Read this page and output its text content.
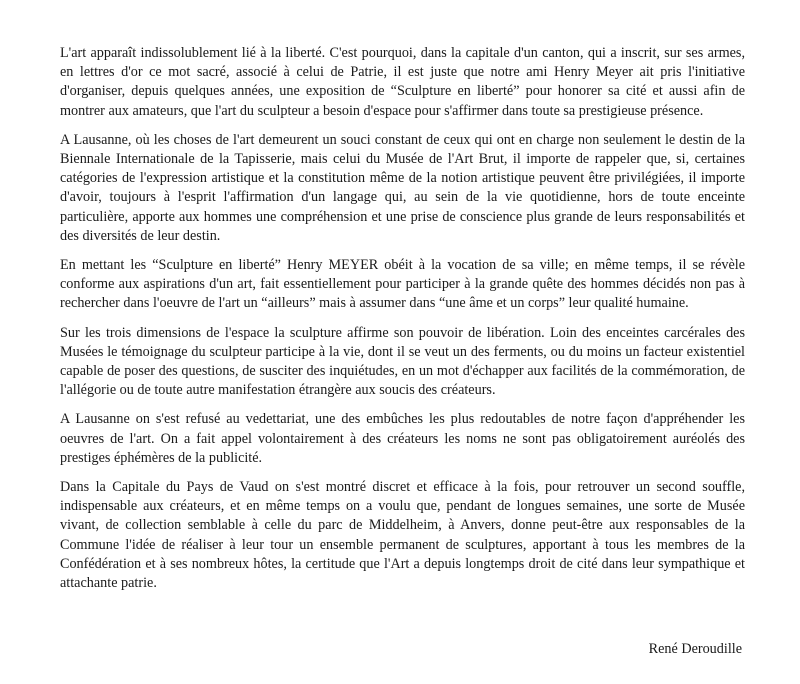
L'art apparaît indissolublement lié à la liberté. C'est pourquoi, dans la capitale d'un canton, qui a inscrit, sur ses armes, en lettres d'or ce mot sacré, associé à celui de Patrie, il est juste que notre ami Henry Meyer ait pris l'initiative d'organiser, depuis quelques années, une exposition de “Sculpture en liberté” pour honorer sa cité et aussi afin de montrer aux amateurs, que l'art du sculpteur a besoin d'espace pour s'affirmer dans toute sa prestigieuse présence.

A Lausanne, où les choses de l'art demeurent un souci constant de ceux qui ont en charge non seulement le destin de la Biennale Internationale de la Tapisserie, mais celui du Musée de l'Art Brut, il importe de rappeler que, si, certaines catégories de l'expression artistique et la constitution même de la notion artistique peuvent être privilégiées, il importe d'avoir, toujours à l'esprit l'affirmation d'un langage qui, au sein de la vie quotidienne, hors de toute enceinte particulière, apporte aux hommes une compréhension et une prise de conscience plus grande de leurs responsabilités et des diversités de leur destin.

En mettant les “Sculpture en liberté” Henry MEYER obéit à la vocation de sa ville; en même temps, il se révèle conforme aux aspirations d'un art, fait essentiellement pour participer à la grande quête des hommes décidés non pas à rechercher dans l'oeuvre de l'art un “ailleurs” mais à assumer dans “une âme et un corps” leur qualité humaine.

Sur les trois dimensions de l'espace la sculpture affirme son pouvoir de libération. Loin des enceintes carcérales des Musées le témoignage du sculpteur participe à la vie, dont il se veut un des ferments, ou du moins un facteur existentiel capable de poser des questions, de susciter des inquiétudes, en un mot d'échapper aux facilités de la commémoration, de l'allégorie ou de toute autre manifestation étrangère aux soucis des créateurs.

A Lausanne on s'est refusé au vedettariat, une des embûches les plus redoutables de notre façon d'appréhender les oeuvres de l'art. On a fait appel volontairement à des créateurs les noms ne sont pas obligatoirement auréolés des prestiges éphémères de la publicité.

Dans la Capitale du Pays de Vaud on s'est montré discret et efficace à la fois, pour retrouver un second souffle, indispensable aux créateurs, et en même temps on a voulu que, pendant de longues semaines, une sorte de Musée vivant, de collection semblable à celle du parc de Middelheim, à Anvers, donne peut-être aux responsables de la Commune l'idée de réaliser à leur tour un ensemble permanent de sculptures, apportant à tous les membres de la Confédération et à ses nombreux hôtes, la certitude que l'Art a depuis longtemps droit de cité dans leur sympathique et attachante patrie.

René Deroudille
